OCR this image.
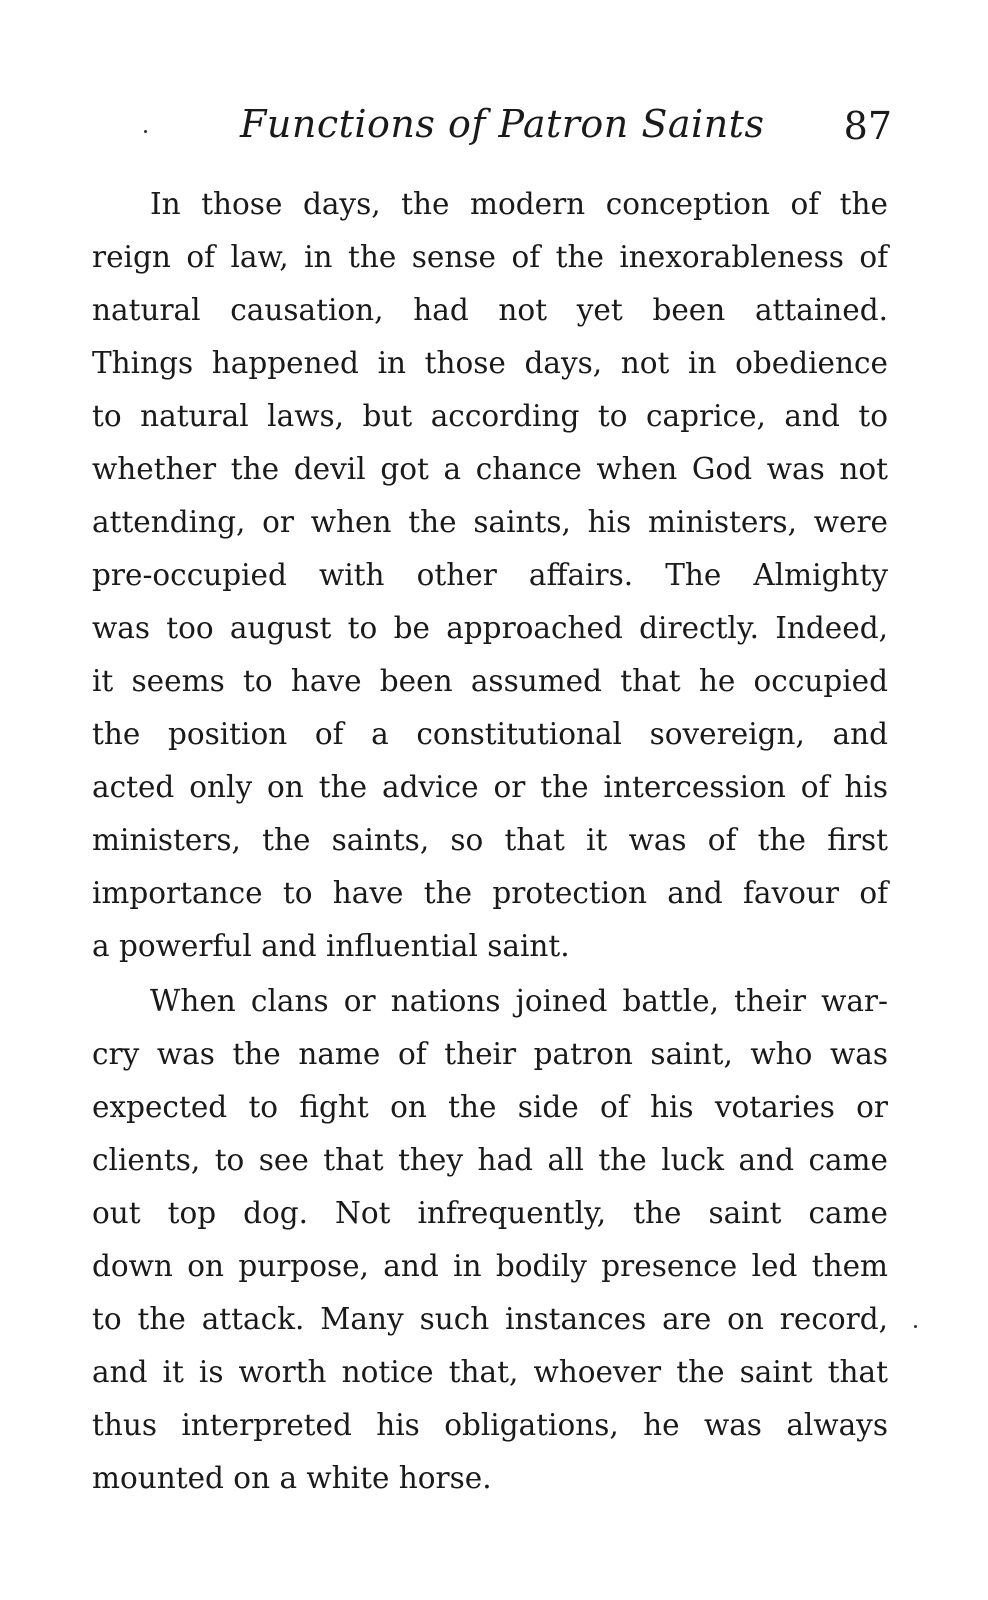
Functions of Patron Saints 87
In those days, the modern conception of the
reign of law, in the sense of the inexorableness of
natural causation, had not yet been attained.
Things happened in those days, not in obedience
to natural laws, but according to caprice, and to
whether the devil got a chance when God was not
attending, or when the saints, his ministers, were
pre-occupied with other affairs. The Almighty
was too august to be approached directly. Indeed,
it seems to have been assumed that he occupied
the position of a constitutional sovereign, and
acted only on the advice or the intercession of his
ministers, the saints, so that it was of the first
importance to have the protection and favour of
a powerful and influential saint.
When clans or nations joined battle, their war-
cry was the name of their patron saint, who was
expected to fight on the side of his votaries or
clients, to see that they had all the luck and came
out top dog. Not infrequently, the saint came
down on purpose, and in bodily presence led them
to the attack. Many such instances are on record,
and it is worth notice that, whoever the saint that
thus interpreted his obligations, he was always
mounted on a white horse.
